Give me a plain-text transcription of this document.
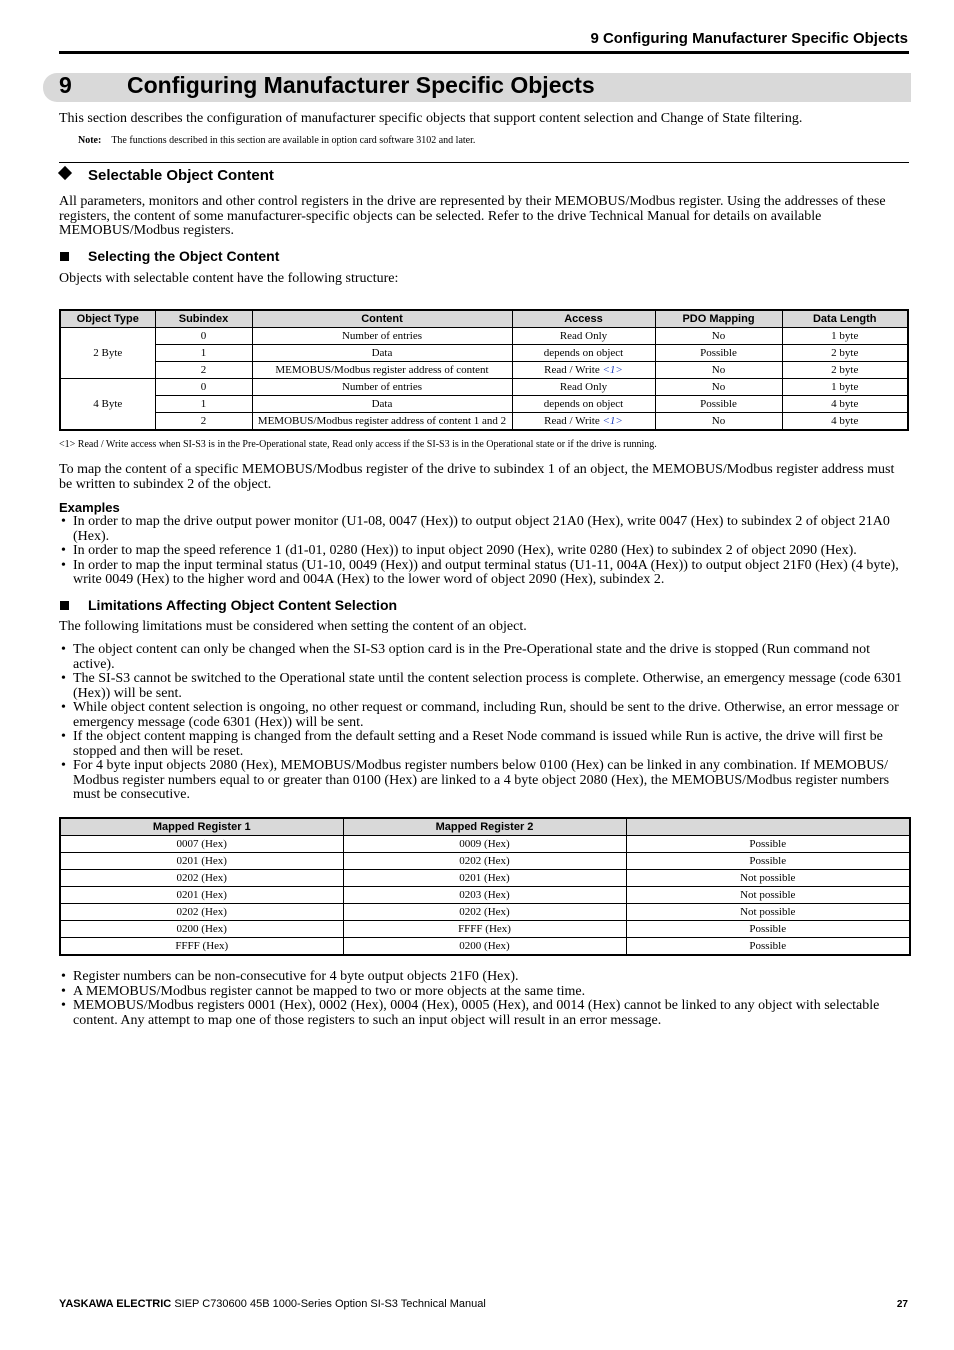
9 Configuring Manufacturer Specific Objects
9 Configuring Manufacturer Specific Objects
This section describes the configuration of manufacturer specific objects that support content selection and Change of State filtering.
Note: The functions described in this section are available in option card software 3102 and later.
Selectable Object Content
All parameters, monitors and other control registers in the drive are represented by their MEMOBUS/Modbus register. Using the addresses of these registers, the content of some manufacturer-specific objects can be selected. Refer to the drive Technical Manual for details on available MEMOBUS/Modbus registers.
Selecting the Object Content
Objects with selectable content have the following structure:
Object Type	Subindex	Content	Access	PDO Mapping	Data Length
2 Byte	0	Number of entries	Read Only	No	1 byte
	1	Data	depends on object	Possible	2 byte
	2	MEMOBUS/Modbus register address of content	Read / Write <1>	No	2 byte
4 Byte	0	Number of entries	Read Only	No	1 byte
	1	Data	depends on object	Possible	4 byte
	2	MEMOBUS/Modbus register address of content 1 and 2	Read / Write <1>	No	4 byte
<1> Read / Write access when SI-S3 is in the Pre-Operational state, Read only access if the SI-S3 is in the Operational state or if the drive is running.
To map the content of a specific MEMOBUS/Modbus register of the drive to subindex 1 of an object, the MEMOBUS/Modbus register address must be written to subindex 2 of the object.
Examples
• In order to map the drive output power monitor (U1-08, 0047 (Hex)) to output object 21A0 (Hex), write 0047 (Hex) to subindex 2 of object 21A0 (Hex).
• In order to map the speed reference 1 (d1-01, 0280 (Hex)) to input object 2090 (Hex), write 0280 (Hex) to subindex 2 of object 2090 (Hex).
• In order to map the input terminal status (U1-10, 0049 (Hex)) and output terminal status (U1-11, 004A (Hex)) to output object 21F0 (Hex) (4 byte), write 0049 (Hex) to the higher word and 004A (Hex) to the lower word of object 2090 (Hex), subindex 2.
Limitations Affecting Object Content Selection
The following limitations must be considered when setting the content of an object.
• The object content can only be changed when the SI-S3 option card is in the Pre-Operational state and the drive is stopped (Run command not active).
• The SI-S3 cannot be switched to the Operational state until the content selection process is complete. Otherwise, an emergency message (code 6301 (Hex)) will be sent.
• While object content selection is ongoing, no other request or command, including Run, should be sent to the drive. Otherwise, an error message or emergency message (code 6301 (Hex)) will be sent.
• If the object content mapping is changed from the default setting and a Reset Node command is issued while Run is active, the drive will first be stopped and then will be reset.
• For 4 byte input objects 2080 (Hex), MEMOBUS/Modbus register numbers below 0100 (Hex) can be linked in any combination. If MEMOBUS/ Modbus register numbers equal to or greater than 0100 (Hex) are linked to a 4 byte object 2080 (Hex), the MEMOBUS/Modbus register numbers must be consecutive.
Mapped Register 1	Mapped Register 2	
0007 (Hex)	0009 (Hex)	Possible
0201 (Hex)	0202 (Hex)	Possible
0202 (Hex)	0201 (Hex)	Not possible
0201 (Hex)	0203 (Hex)	Not possible
0202 (Hex)	0202 (Hex)	Not possible
0200 (Hex)	FFFF (Hex)	Possible
FFFF (Hex)	0200 (Hex)	Possible
• Register numbers can be non-consecutive for 4 byte output objects 21F0 (Hex).
• A MEMOBUS/Modbus register cannot be mapped to two or more objects at the same time.
• MEMOBUS/Modbus registers 0001 (Hex), 0002 (Hex), 0004 (Hex), 0005 (Hex), and 0014 (Hex) cannot be linked to any object with selectable content. Any attempt to map one of those registers to such an input object will result in an error message.
YASKAWA ELECTRIC SIEP C730600 45B 1000-Series Option SI-S3 Technical Manual	27
